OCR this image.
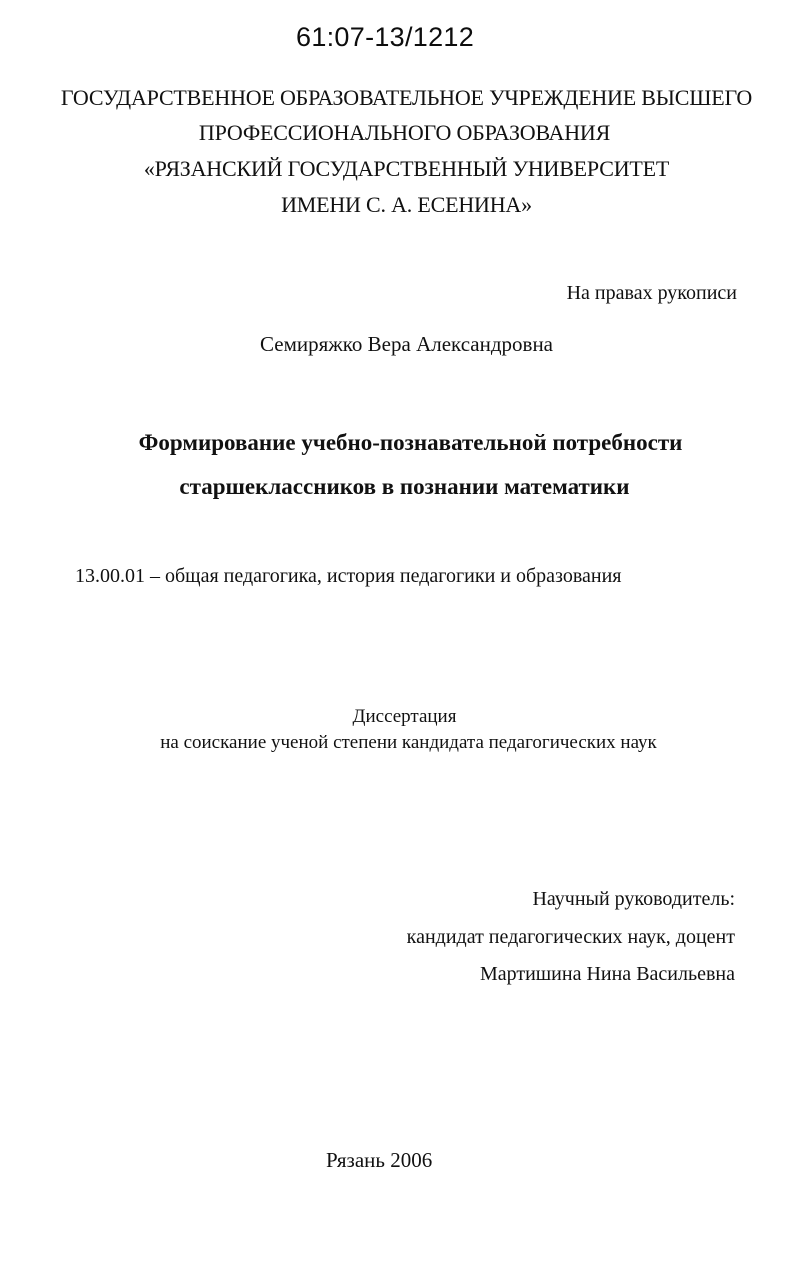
61:07-13/1212
ГОСУДАРСТВЕННОЕ ОБРАЗОВАТЕЛЬНОЕ УЧРЕЖДЕНИЕ ВЫСШЕГО
ПРОФЕССИОНАЛЬНОГО ОБРАЗОВАНИЯ
«РЯЗАНСКИЙ ГОСУДАРСТВЕННЫЙ УНИВЕРСИТЕТ
ИМЕНИ С. А. ЕСЕНИНА»
На правах рукописи
Семиряжко Вера Александровна
Формирование учебно-познавательной потребности
старшеклассников в познании математики
13.00.01 – общая педагогика, история педагогики и образования
Диссертация
на соискание ученой степени кандидата педагогических наук
Научный руководитель:
кандидат педагогических наук, доцент
Мартишина Нина Васильевна
Рязань 2006
